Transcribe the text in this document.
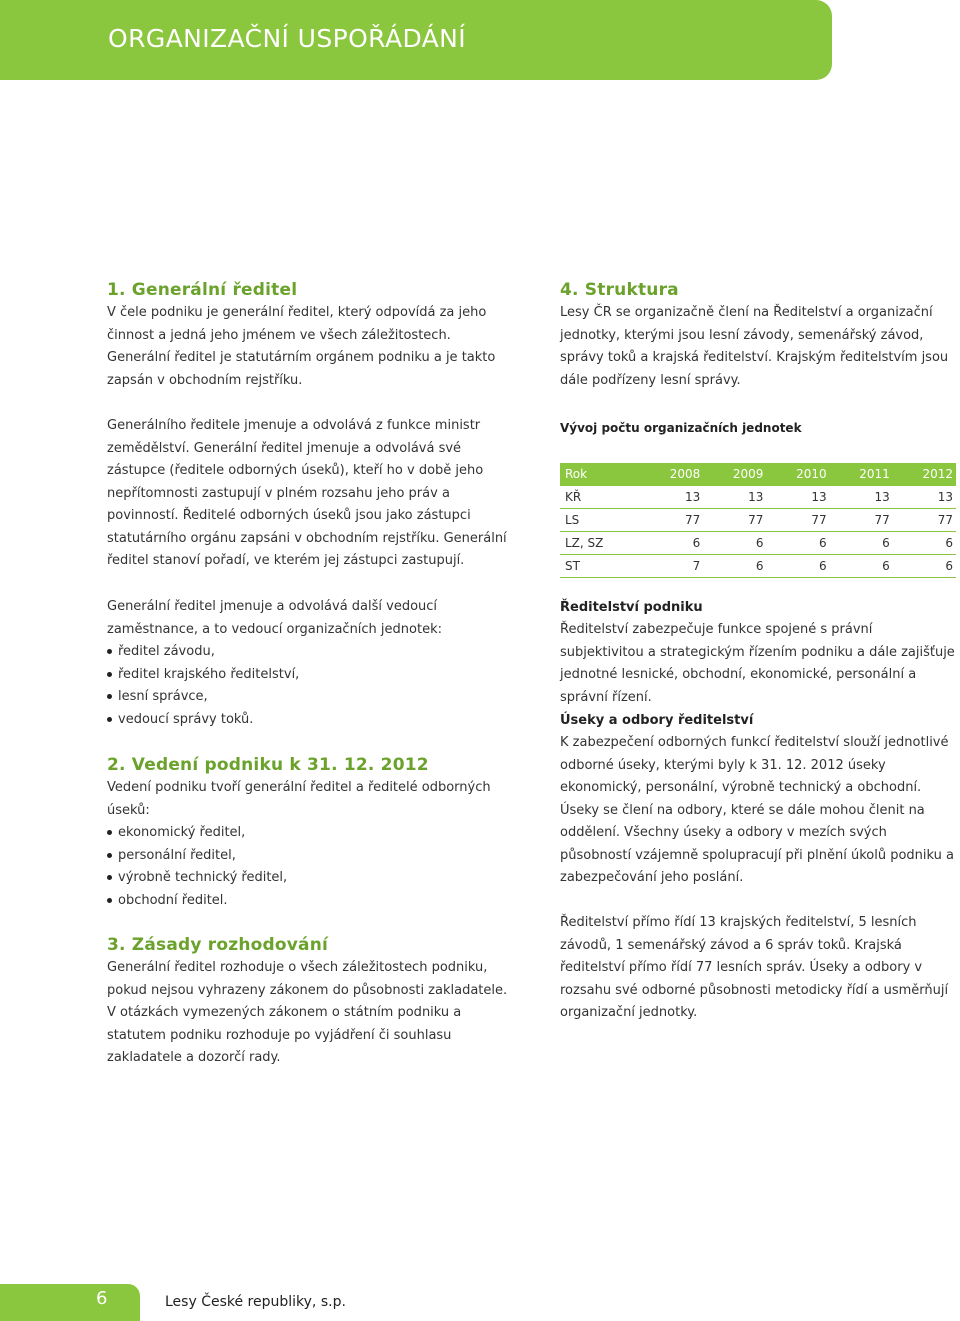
ORGANIZAČNÍ USPOŘÁDÁNÍ
1. Generální ředitel

V čele podniku je generální ředitel, který odpovídá za jeho činnost a jedná jeho jménem ve všech záležitostech. Generální ředitel je statutárním orgánem podniku a je takto zapsán v obchodním rejstříku.

Generálního ředitele jmenuje a odvolává z funkce ministr zemědělství. Generální ředitel jmenuje a odvolává své zástupce (ředitele odborných úseků), kteří ho v době jeho nepřítomnosti zastupují v plném rozsahu jeho práv a povinností. Ředitelé odborných úseků jsou jako zástupci statutárního orgánu zapsáni v obchodním rejstříku. Generální ředitel stanoví pořadí, ve kterém jej zástupci zastupují.

Generální ředitel jmenuje a odvolává další vedoucí zaměstnance, a to vedoucí organizačních jednotek:

ředitel závodu,
ředitel krajského ředitelství,
lesní správce,
vedoucí správy toků.
2. Vedení podniku k 31. 12. 2012

Vedení podniku tvoří generální ředitel a ředitelé odborných úseků:

ekonomický ředitel,
personální ředitel,
výrobně technický ředitel,
obchodní ředitel.
3. Zásady rozhodování

Generální ředitel rozhoduje o všech záležitostech podniku, pokud nejsou vyhrazeny zákonem do působnosti zakladatele. V otázkách vymezených zákonem o státním podniku a statutem podniku rozhoduje po vyjádření či souhlasu zakladatele a dozorčí rady.

4. Struktura

Lesy ČR se organizačně člení na Ředitelství a organizační jednotky, kterými jsou lesní závody, semenářský závod, správy toků a krajská ředitelství. Krajským ředitelstvím jsou dále podřízeny lesní správy.

Vývoj počtu organizačních jednotek
Rok	2008	2009	2010	2011	2012
KŘ	13	13	13	13	13
LS	77	77	77	77	77
LZ, SZ	6	6	6	6	6
ST	7	6	6	6	6
Ředitelství podniku

Ředitelství zabezpečuje funkce spojené s právní subjektivitou a strategickým řízením podniku a dále zajišťuje jednotné lesnické, obchodní, ekonomické, personální a správní řízení.

Úseky a odbory ředitelství

K zabezpečení odborných funkcí ředitelství slouží jednotlivé odborné úseky, kterými byly k 31. 12. 2012 úseky ekonomický, personální, výrobně technický a obchodní. Úseky se člení na odbory, které se dále mohou členit na oddělení. Všechny úseky a odbory v mezích svých působností vzájemně spolupracují při plnění úkolů podniku a zabezpečování jeho poslání.

Ředitelství přímo řídí 13 krajských ředitelství, 5 lesních závodů, 1 semenářský závod a 6 správ toků. Krajská ředitelství přímo řídí 77 lesních správ. Úseky a odbory v rozsahu své odborné působnosti metodicky řídí a usměrňují organizační jednotky.

6	Lesy České republiky, s.p.
